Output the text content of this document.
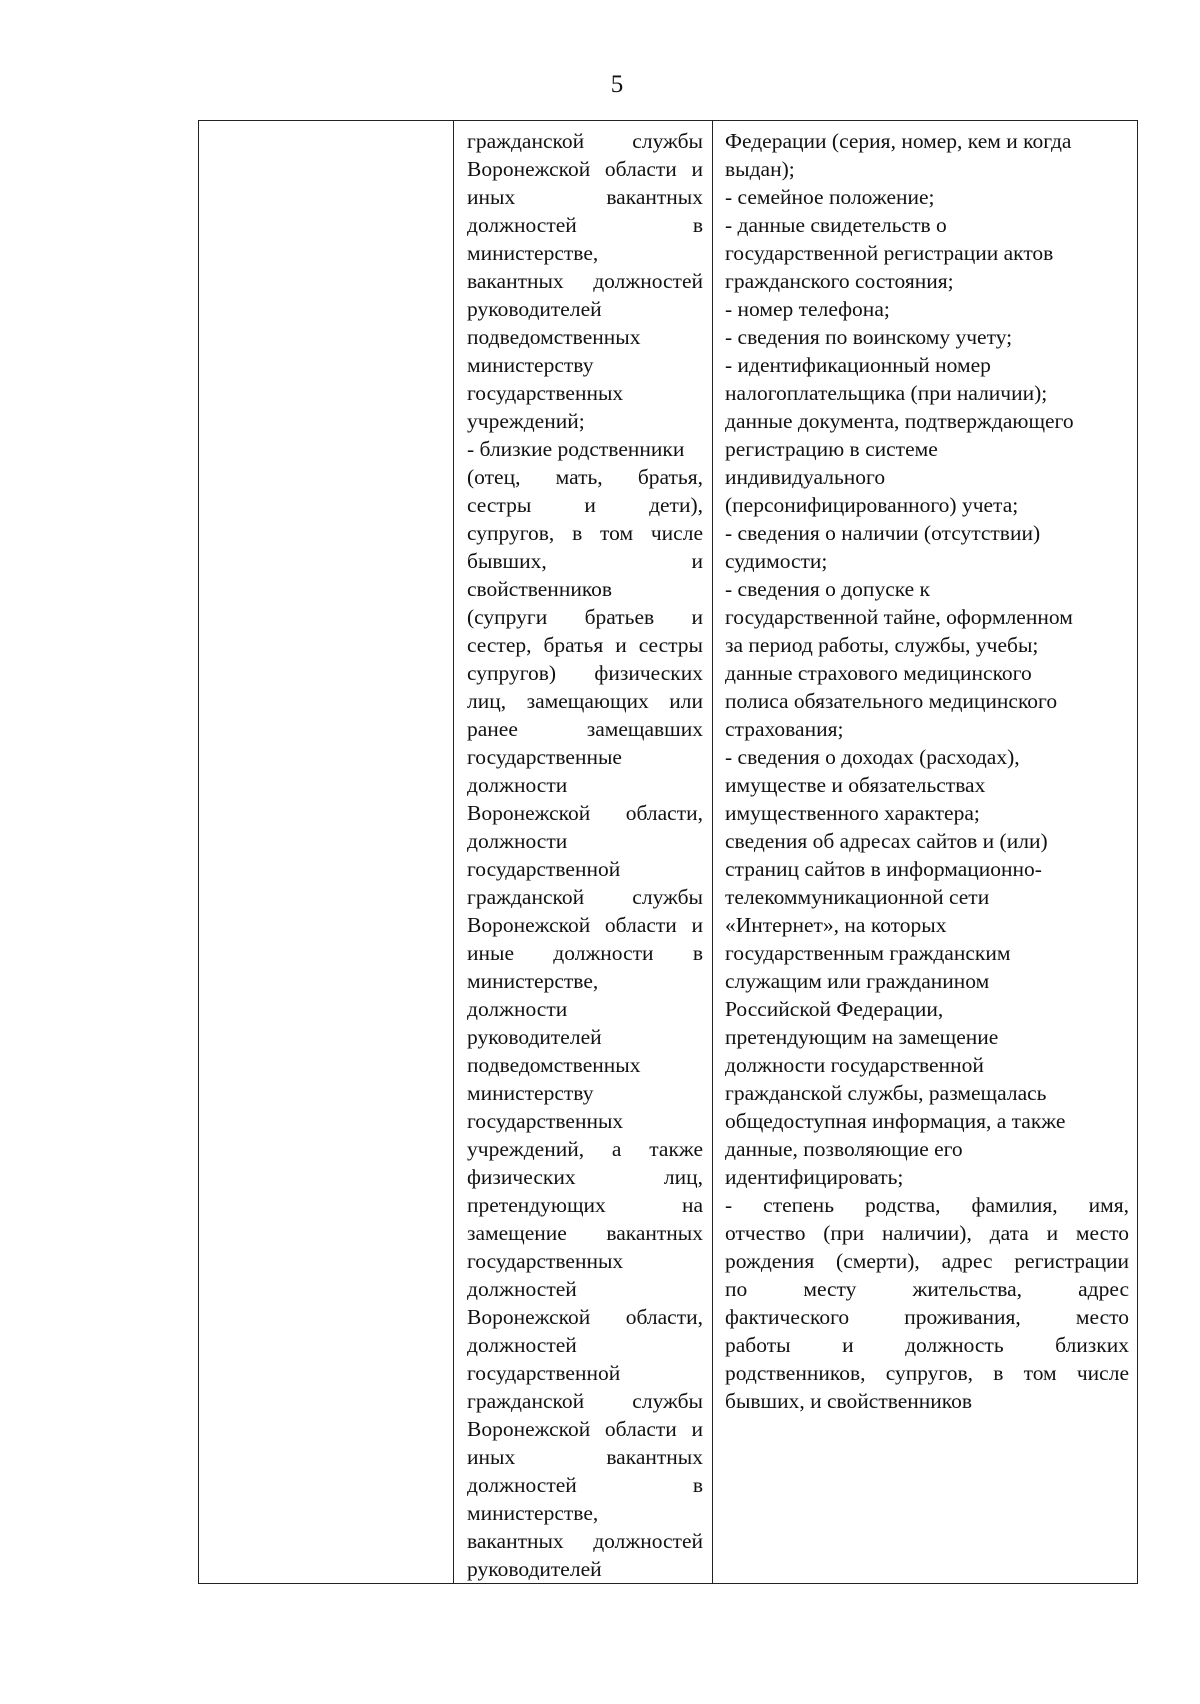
5
гражданской службы
Воронежской области и
иных вакантных
должностей в
министерстве,
вакантных должностей
руководителей
подведомственных
министерству
государственных
учреждений;
- близкие родственники
(отец, мать, братья,
сестры и дети),
супругов, в том числе
бывших, и
свойственников
(супруги братьев и
сестер, братья и сестры
супругов) физических
лиц, замещающих или
ранее замещавших
государственные
должности
Воронежской области,
должности
государственной
гражданской службы
Воронежской области и
иные должности в
министерстве,
должности
руководителей
подведомственных
министерству
государственных
учреждений, а также
физических лиц,
претендующих на
замещение вакантных
государственных
должностей
Воронежской области,
должностей
государственной
гражданской службы
Воронежской области и
иных вакантных
должностей в
министерстве,
вакантных должностей
руководителей
Федерации (серия, номер, кем и когда
выдан);
- семейное положение;
- данные свидетельств о
государственной регистрации актов
гражданского состояния;
- номер телефона;
- сведения по воинскому учету;
- идентификационный номер
налогоплательщика (при наличии);
данные документа, подтверждающего
регистрацию в системе
индивидуального
(персонифицированного) учета;
- сведения о наличии (отсутствии)
судимости;
- сведения о допуске к
государственной тайне, оформленном
за период работы, службы, учебы;
данные страхового медицинского
полиса обязательного медицинского
страхования;
- сведения о доходах (расходах),
имуществе и обязательствах
имущественного характера;
сведения об адресах сайтов и (или)
страниц сайтов в информационно-
телекоммуникационной сети
«Интернет», на которых
государственным гражданским
служащим или гражданином
Российской Федерации,
претендующим на замещение
должности государственной
гражданской службы, размещалась
общедоступная информация, а также
данные, позволяющие его
идентифицировать;
- степень родства, фамилия, имя,
отчество (при наличии), дата и место
рождения (смерти), адрес регистрации
по месту жительства, адрес
фактического проживания, место
работы и должность близких
родственников, супругов, в том числе
бывших, и свойственников
